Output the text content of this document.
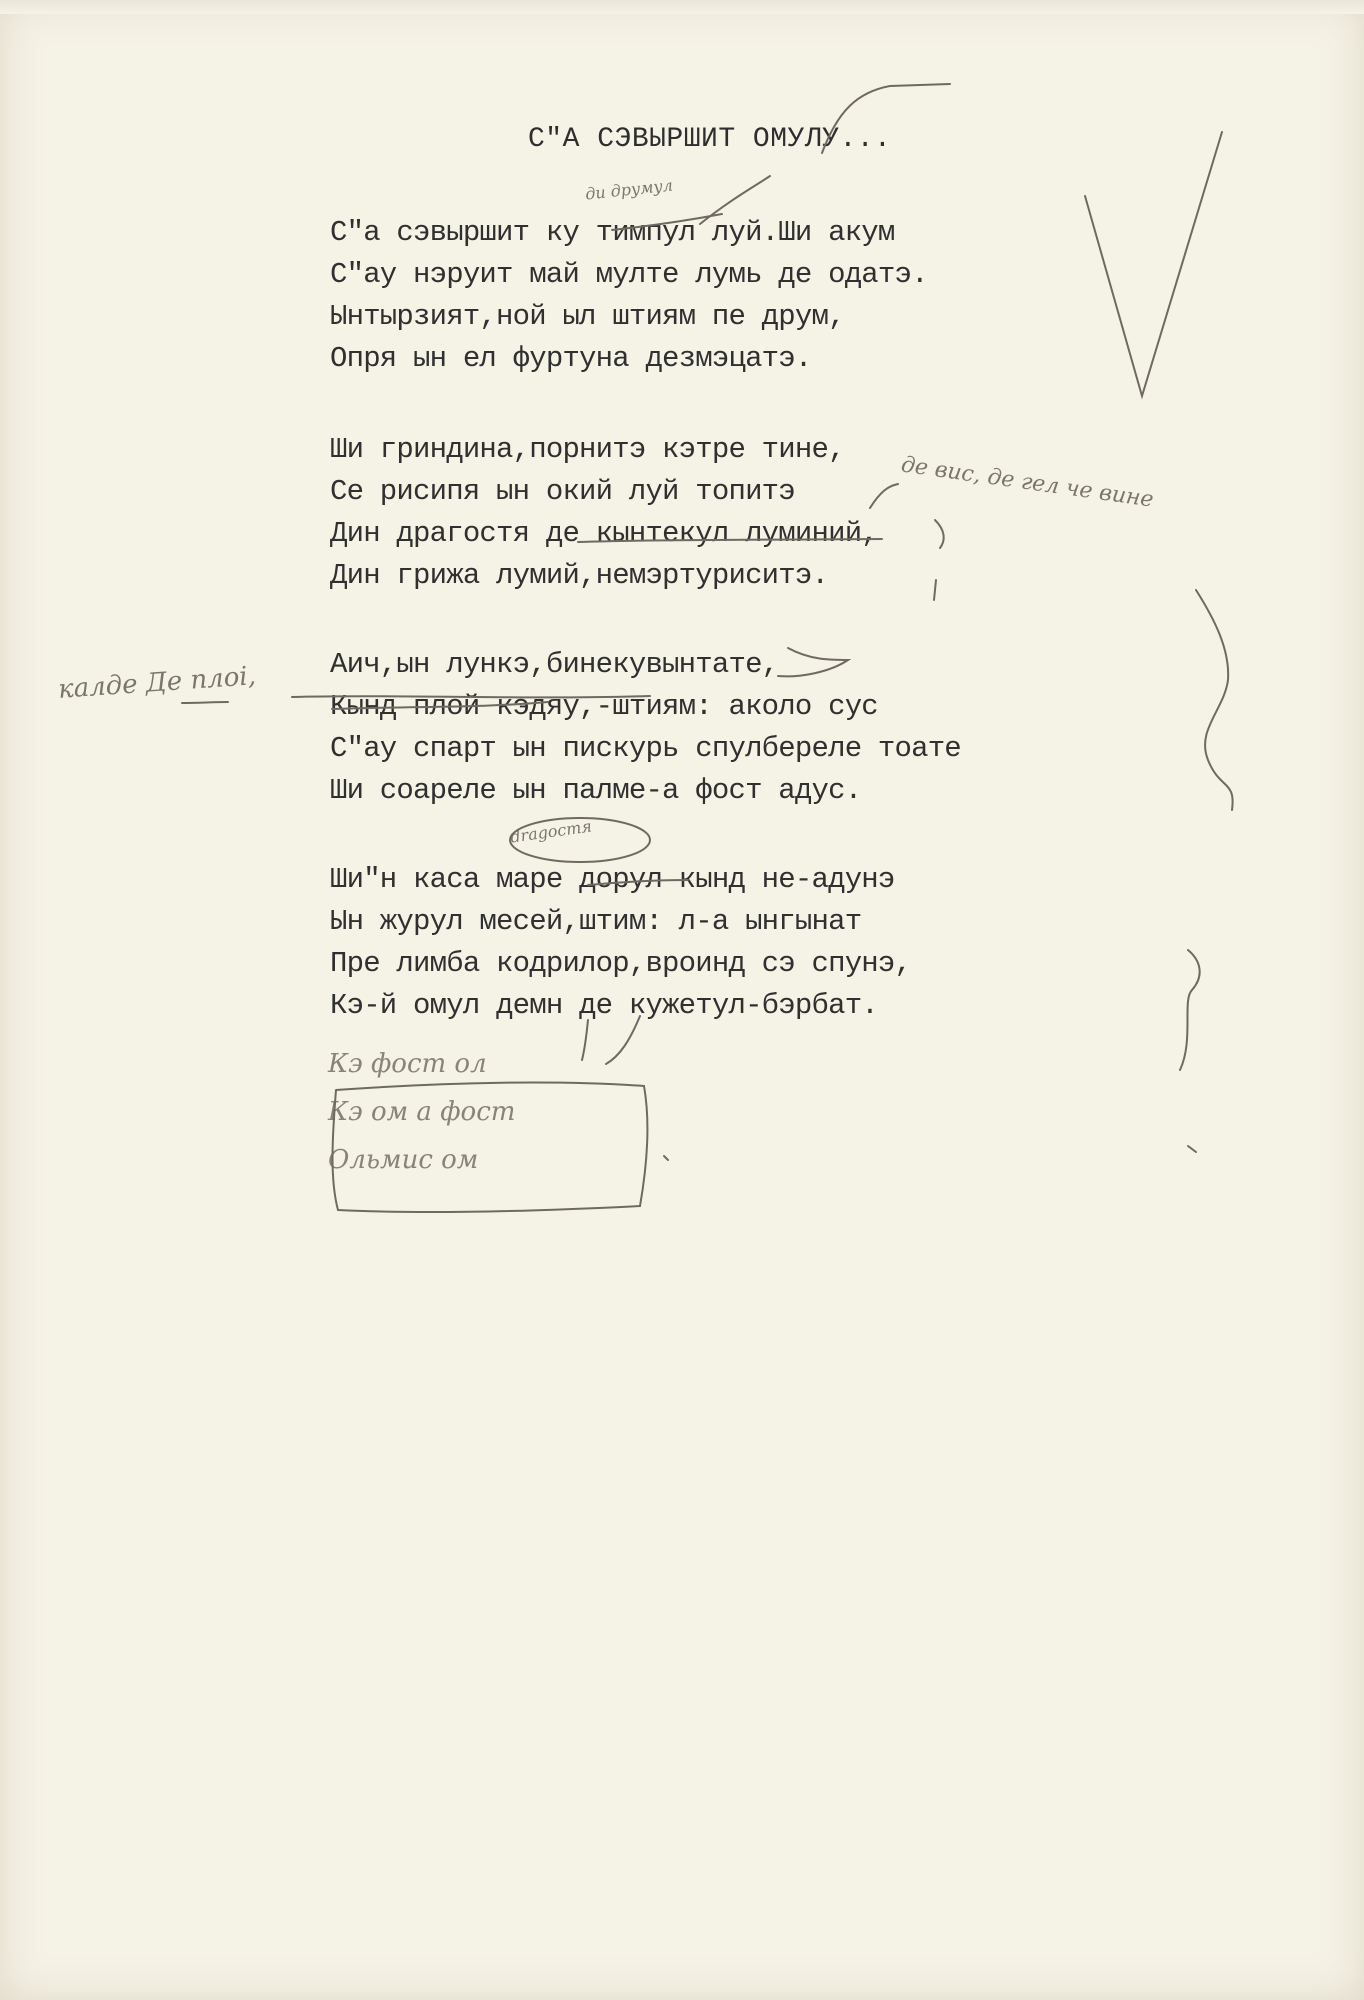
С"А СЭВЫРШИТ ОМУЛУ...
С"а сэвыршит ку тимпул луй.Ши акум
С"ау нэруит май мулте лумь де одатэ.
Ынтырзият,ной ыл штиям пе друм,
Опря ын ел фуртуна дезмэцатэ.
Ши гриндина,порнитэ кэтре тине,
Се рисипя ын окий луй топитэ
Дин драгостя де кынтекул луминий,
Дин грижа лумий,немэртуриситэ.
Аич,ын лункэ,бинекувынтате,
Кынд плой кэдяу,-штиям: аколо сус
С"ау спарт ын пискурь спулбереле тоате
Ши соареле ын палме-а фост адус.
Ши"н каса маре дорул кынд не-адунэ
Ын журул месей,штим: л-а ынгынат
Пре лимба кодрилор,вроинд сэ спунэ,
Кэ-й омул демн де кужетул-бэрбат.
калде Де плоі,
де вис, де гел че вине
ди друмул
drаgостя
Кэ фост ол
Кэ ом а фост
Ольмис ом
